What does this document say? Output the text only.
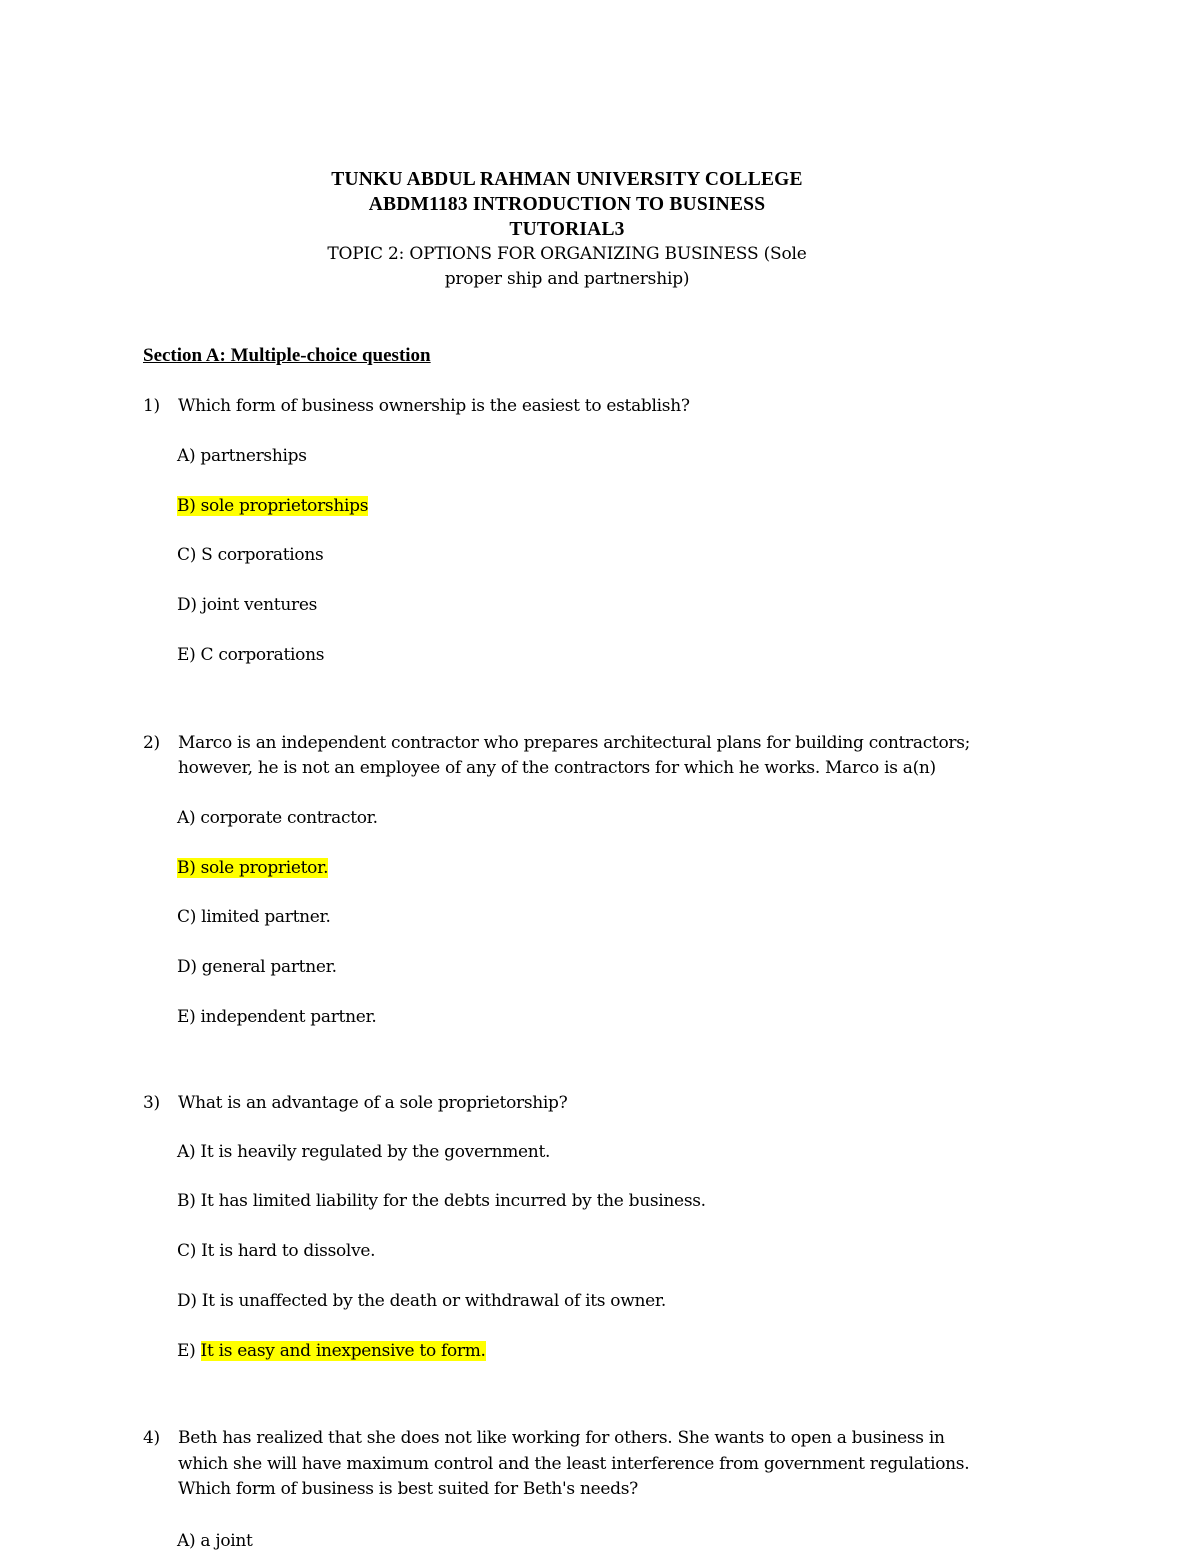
TUNKU ABDUL RAHMAN UNIVERSITY COLLEGE
ABDM1183 INTRODUCTION TO BUSINESS
TUTORIAL3
TOPIC 2: OPTIONS FOR ORGANIZING BUSINESS (Sole
proper ship and partnership)
Section A: Multiple-choice question
1) Which form of business ownership is the easiest to establish?
A) partnerships
B) sole proprietorships
C) S corporations
D) joint ventures
E) C corporations
2) Marco is an independent contractor who prepares architectural plans for building contractors;
however, he is not an employee of any of the contractors for which he works. Marco is a(n)
A) corporate contractor.
B) sole proprietor.
C) limited partner.
D) general partner.
E) independent partner.
3) What is an advantage of a sole proprietorship?
A) It is heavily regulated by the government.
B) It has limited liability for the debts incurred by the business.
C) It is hard to dissolve.
D) It is unaffected by the death or withdrawal of its owner.
E) It is easy and inexpensive to form.
4) Beth has realized that she does not like working for others. She wants to open a business in
which she will have maximum control and the least interference from government regulations.
Which form of business is best suited for Beth's needs?
A) a joint
